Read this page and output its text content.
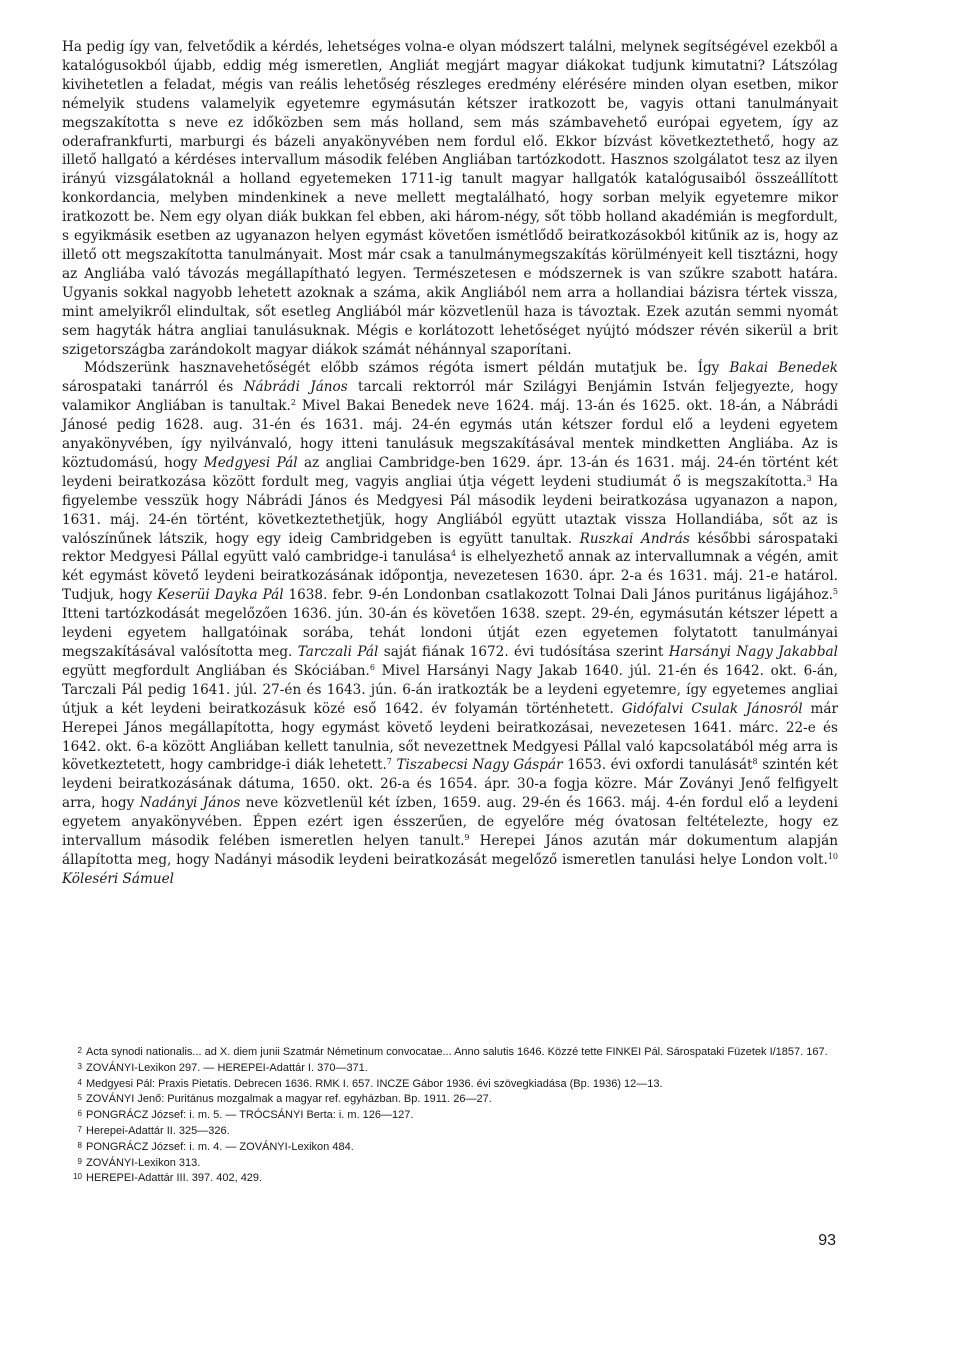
Ha pedig így van, felvetődik a kérdés, lehetséges volna-e olyan módszert találni, melynek segítségével ezekből a katalógusokból újabb, eddig még ismeretlen, Angliát megjárt magyar diákokat tudjunk kimutatni? Látszólag kivihetetlen a feladat, mégis van reális lehetőség részleges eredmény elérésére minden olyan esetben, mikor némelyik studens valamelyik egyetemre egymásután kétszer iratkozott be, vagyis ottani tanulmányait megszakította s neve ez időközben sem más holland, sem más számbavehető európai egyetem, így az oderafrankfurti, marburgi és bázeli anyakönyvében nem fordul elő. Ekkor bízvást következtethető, hogy az illető hallgató a kérdéses intervallum második felében Angliában tartózkodott. Hasznos szolgálatot tesz az ilyen irányú vizsgálatoknál a holland egyetemeken 1711-ig tanult magyar hallgatók katalógusaiból összeállított konkordancia, melyben mindenkinek a neve mellett megtalálható, hogy sorban melyik egyetemre mikor iratkozott be. Nem egy olyan diák bukkan fel ebben, aki három-négy, sőt több holland akadémián is megfordult, s egyikmásik esetben az ugyanazon helyen egymást követően ismétlődő beiratkozásokból kitűnik az is, hogy az illető ott megszakította tanulmányait. Most már csak a tanulmánymegszakítás körülményeit kell tisztázni, hogy az Angliába való távozás megállapítható legyen. Természetesen e módszernek is van szűkre szabott határa. Ugyanis sokkal nagyobb lehetett azoknak a száma, akik Angliából nem arra a hollandiai bázisra tértek vissza, mint amelyikről elindultak, sőt esetleg Angliából már közvetlenül haza is távoztak. Ezek azután semmi nyomát sem hagyták hátra angliai tanulásuknak. Mégis e korlátozott lehetőséget nyújtó módszer révén sikerül a brit szigetországba zarándokolt magyar diákok számát néhánnyal szaporítani.

Módszerünk hasznavehetőségét előbb számos régóta ismert példán mutatjuk be. Így Bakai Benedek sárospataki tanárról és Nábrádi János tarcali rektorról már Szilágyi Benjámin István feljegyezte, hogy valamikor Angliában is tanultak.$^2$ Mivel Bakai Benedek neve 1624. máj. 13-án és 1625. okt. 18-án, a Nábrádi Jánosé pedig 1628. aug. 31-én és 1631. máj. 24-én egymás után kétszer fordul elő a leydeni egyetem anyakönyvében, így nyilvánvaló, hogy itteni tanulásuk megszakításával mentek mindketten Angliába. Az is köztudomású, hogy Medgyesi Pál az angliai Cambridge-ben 1629. ápr. 13-án és 1631. máj. 24-én történt két leydeni beiratkozása között fordult meg, vagyis angliai útja végett leydeni studiumát ő is megszakította.$^3$ Ha figyelembe vesszük hogy Nábrádi János és Medgyesi Pál második leydeni beiratkozása ugyanazon a napon, 1631. máj. 24-én történt, következtethetjük, hogy Angliából együtt utaztak vissza Hollandiába, sőt az is valószínűnek látszik, hogy egy ideig Cambridgeben is együtt tanultak. Ruszkai András későbbi sárospataki rektor Medgyesi Pállal együtt való cambridge-i tanulása$^4$ is elhelyezhető annak az intervallumnak a végén, amit két egymást követő leydeni beiratkozásának időpontja, nevezetesen 1630. ápr. 2-a és 1631. máj. 21-e határol. Tudjuk, hogy Keserüi Dayka Pál 1638. febr. 9-én Londonban csatlakozott Tolnai Dali János puritánus ligájához.$^5$ Itteni tartózkodását megelőzően 1636. jún. 30-án és követően 1638. szept. 29-én, egymásután kétszer lépett a leydeni egyetem hallgatóinak sorába, tehát londoni útját ezen egyetemen folytatott tanulmányai megszakításával valósította meg. Tarczali Pál saját fiának 1672. évi tudósítása szerint Harsányi Nagy Jakabbal együtt megfordult Angliában és Skóciában.$^6$ Mivel Harsányi Nagy Jakab 1640. júl. 21-én és 1642. okt. 6-án, Tarczali Pál pedig 1641. júl. 27-én és 1643. jún. 6-án iratkozták be a leydeni egyetemre, így egyetemes angliai útjuk a két leydeni beiratkozásuk közé eső 1642. év folyamán történhetett. Gidófalvi Csulak Jánosról már Herepei János megállapította, hogy egymást követő leydeni beiratkozásai, nevezetesen 1641. márc. 22-e és 1642. okt. 6-a között Angliában kellett tanulnia, sőt nevezettnek Medgyesi Pállal való kapcsolatából még arra is következtetett, hogy cambridge-i diák lehetett.$^7$ Tiszabecsi Nagy Gáspár 1653. évi oxfordi tanulását$^8$ szintén két leydeni beiratkozásának dátuma, 1650. okt. 26-a és 1654. ápr. 30-a fogja közre. Már Zoványi Jenő felfigyelt arra, hogy Nadányi János neve közvetlenül két ízben, 1659. aug. 29-én és 1663. máj. 4-én fordul elő a leydeni egyetem anyakönyvében. Éppen ezért igen ésszerűen, de egyelőre még óvatosan feltételezte, hogy ez intervallum második felében ismeretlen helyen tanult.$^9$ Herepei János azután már dokumentum alapján állapította meg, hogy Nadányi második leydeni beiratkozását megelőző ismeretlen tanulási helye London volt.$^{10}$ Köleséri Sámuel

2 Acta synodi nationalis... ad X. diem junii Szatmár Németinum convocatae... Anno salutis 1646. Közzé tette FINKEI Pál. Sárospataki Füzetek I/1857. 167.

3 ZOVÁNYI-Lexikon 297. — HEREPEI-Adattár I. 370—371.

4 Medgyesi Pál: Praxis Pietatis. Debrecen 1636. RMK I. 657. INCZE Gábor 1936. évi szövegkiadása (Bp. 1936) 12—13.

5 ZOVÁNYI Jenő: Puritánus mozgalmak a magyar ref. egyházban. Bp. 1911. 26—27.

6 PONGRÁCZ József: i. m. 5. — TRÓCSÁNYI Berta: i. m. 126—127.

7 Herepei-Adattár II. 325—326.

8 PONGRÁCZ József: i. m. 4. — ZOVÁNYI-Lexikon 484.

9 ZOVÁNYI-Lexikon 313.

10 HEREPEI-Adattár III. 397. 402, 429.

93
